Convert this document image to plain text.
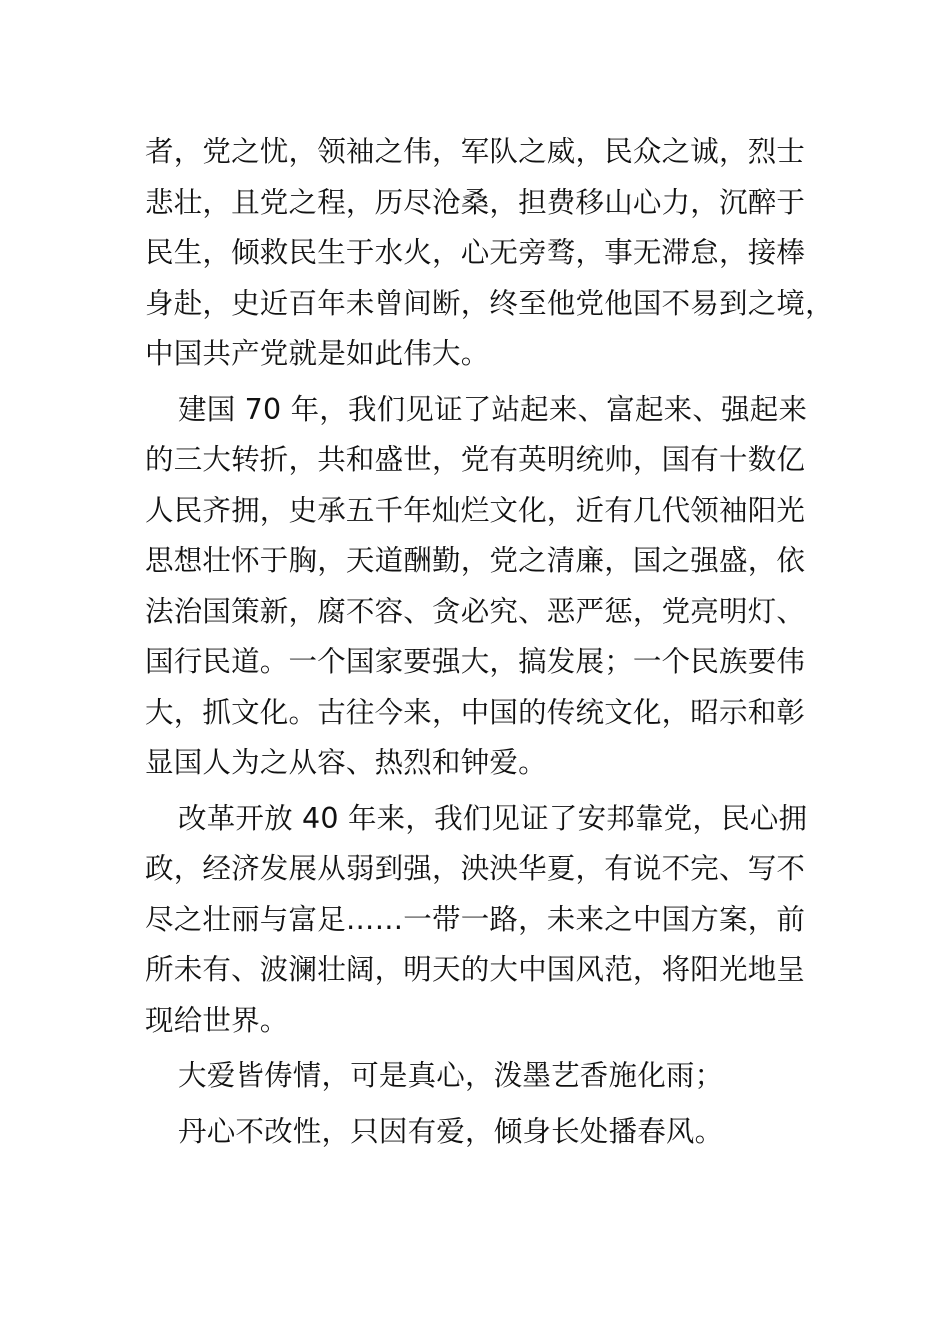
者，党之忧，领袖之伟，军队之威，民众之诚，烈士
悲壮，且党之程，历尽沧桑，担费移山心力，沉醉于
民生，倾救民生于水火，心无旁骛，事无滞怠，接棒
身赴，史近百年未曾间断，终至他党他国不易到之境，
中国共产党就是如此伟大。
建国 70 年，我们见证了站起来、富起来、强起来
的三大转折，共和盛世，党有英明统帅，国有十数亿
人民齐拥，史承五千年灿烂文化，近有几代领袖阳光
思想壮怀于胸，天道酬勤，党之清廉，国之强盛，依
法治国策新，腐不容、贪必究、恶严惩，党亮明灯、
国行民道。一个国家要强大，搞发展；一个民族要伟
大，抓文化。古往今来，中国的传统文化，昭示和彰
显国人为之从容、热烈和钟爱。
改革开放 40 年来，我们见证了安邦靠党，民心拥
政，经济发展从弱到强，泱泱华夏，有说不完、写不
尽之壮丽与富足……一带一路，未来之中国方案，前
所未有、波澜壮阔，明天的大中国风范，将阳光地呈
现给世界。
大爱皆俦情，可是真心，泼墨艺香施化雨；
丹心不改性，只因有爱，倾身长处播春风。
